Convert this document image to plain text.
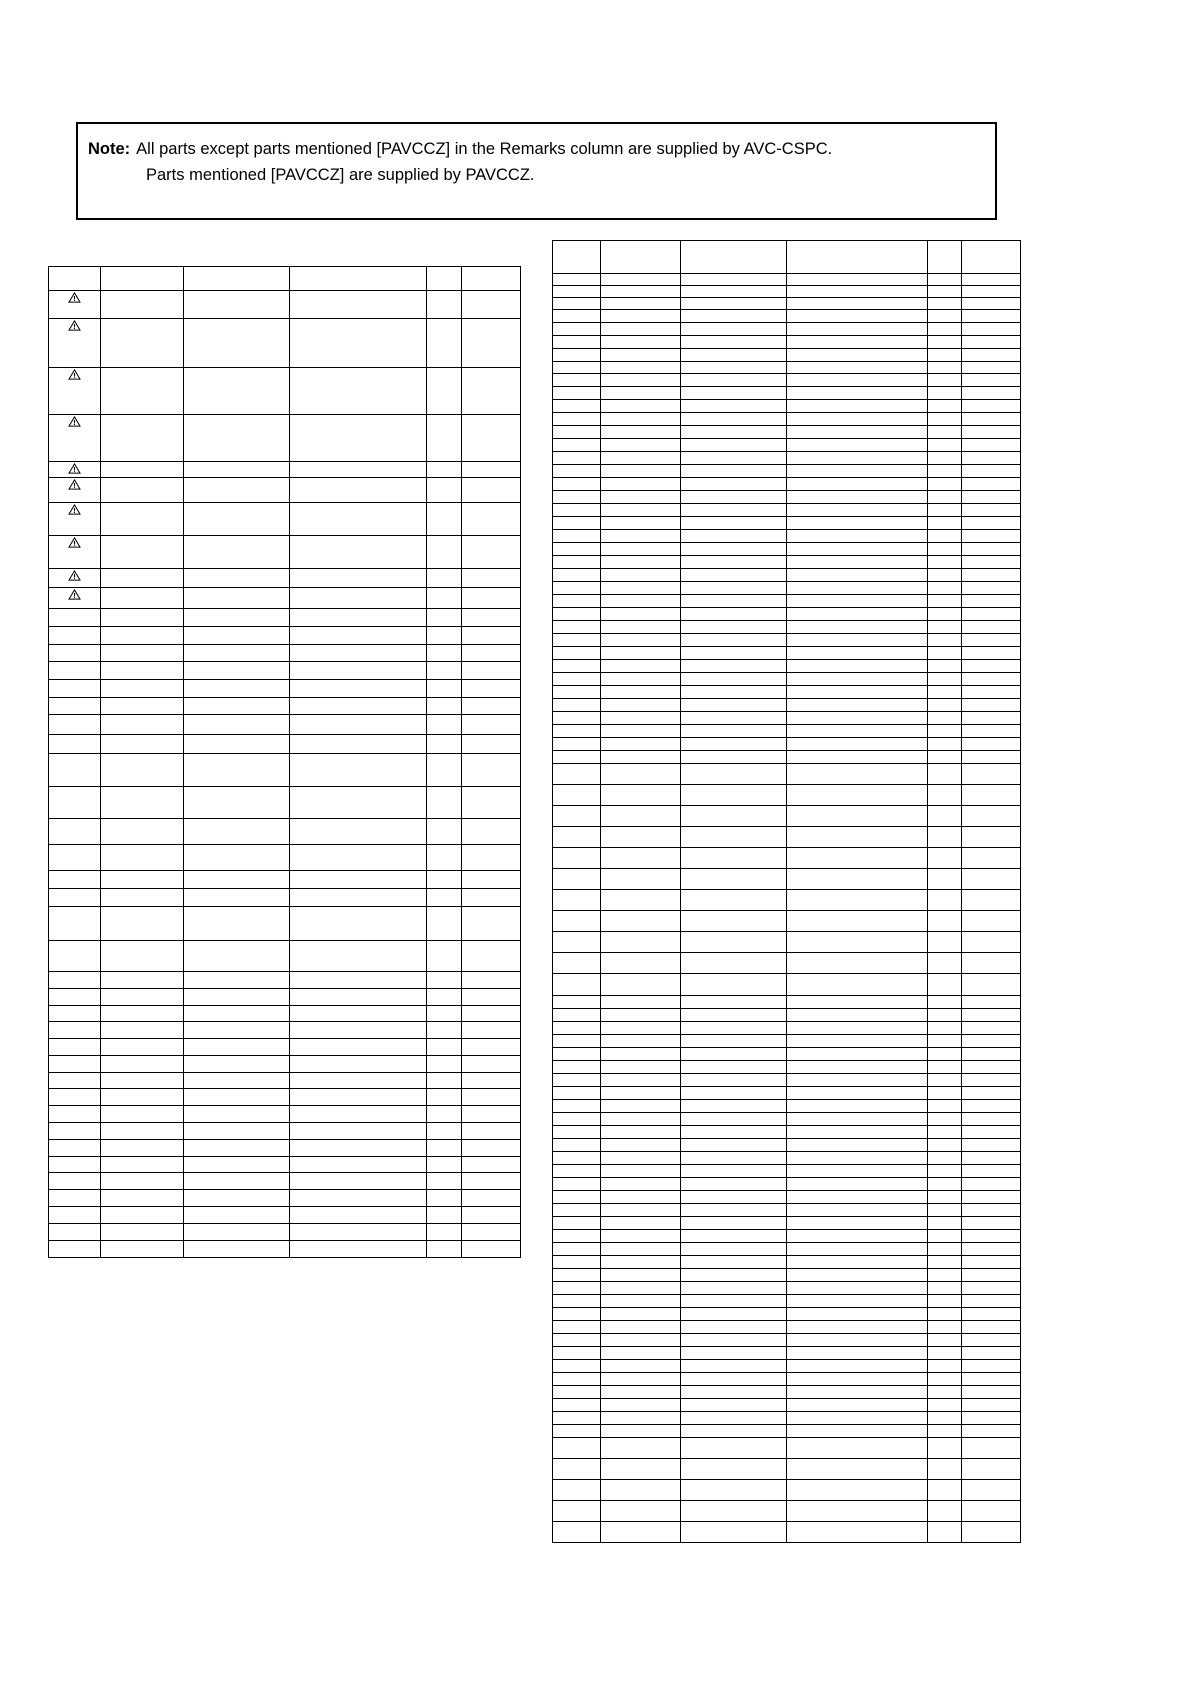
Note: All parts except parts mentioned [PAVCCZ] in the Remarks column are supplied by AVC-CSPC.
Parts mentioned [PAVCCZ] are supplied by PAVCCZ.
